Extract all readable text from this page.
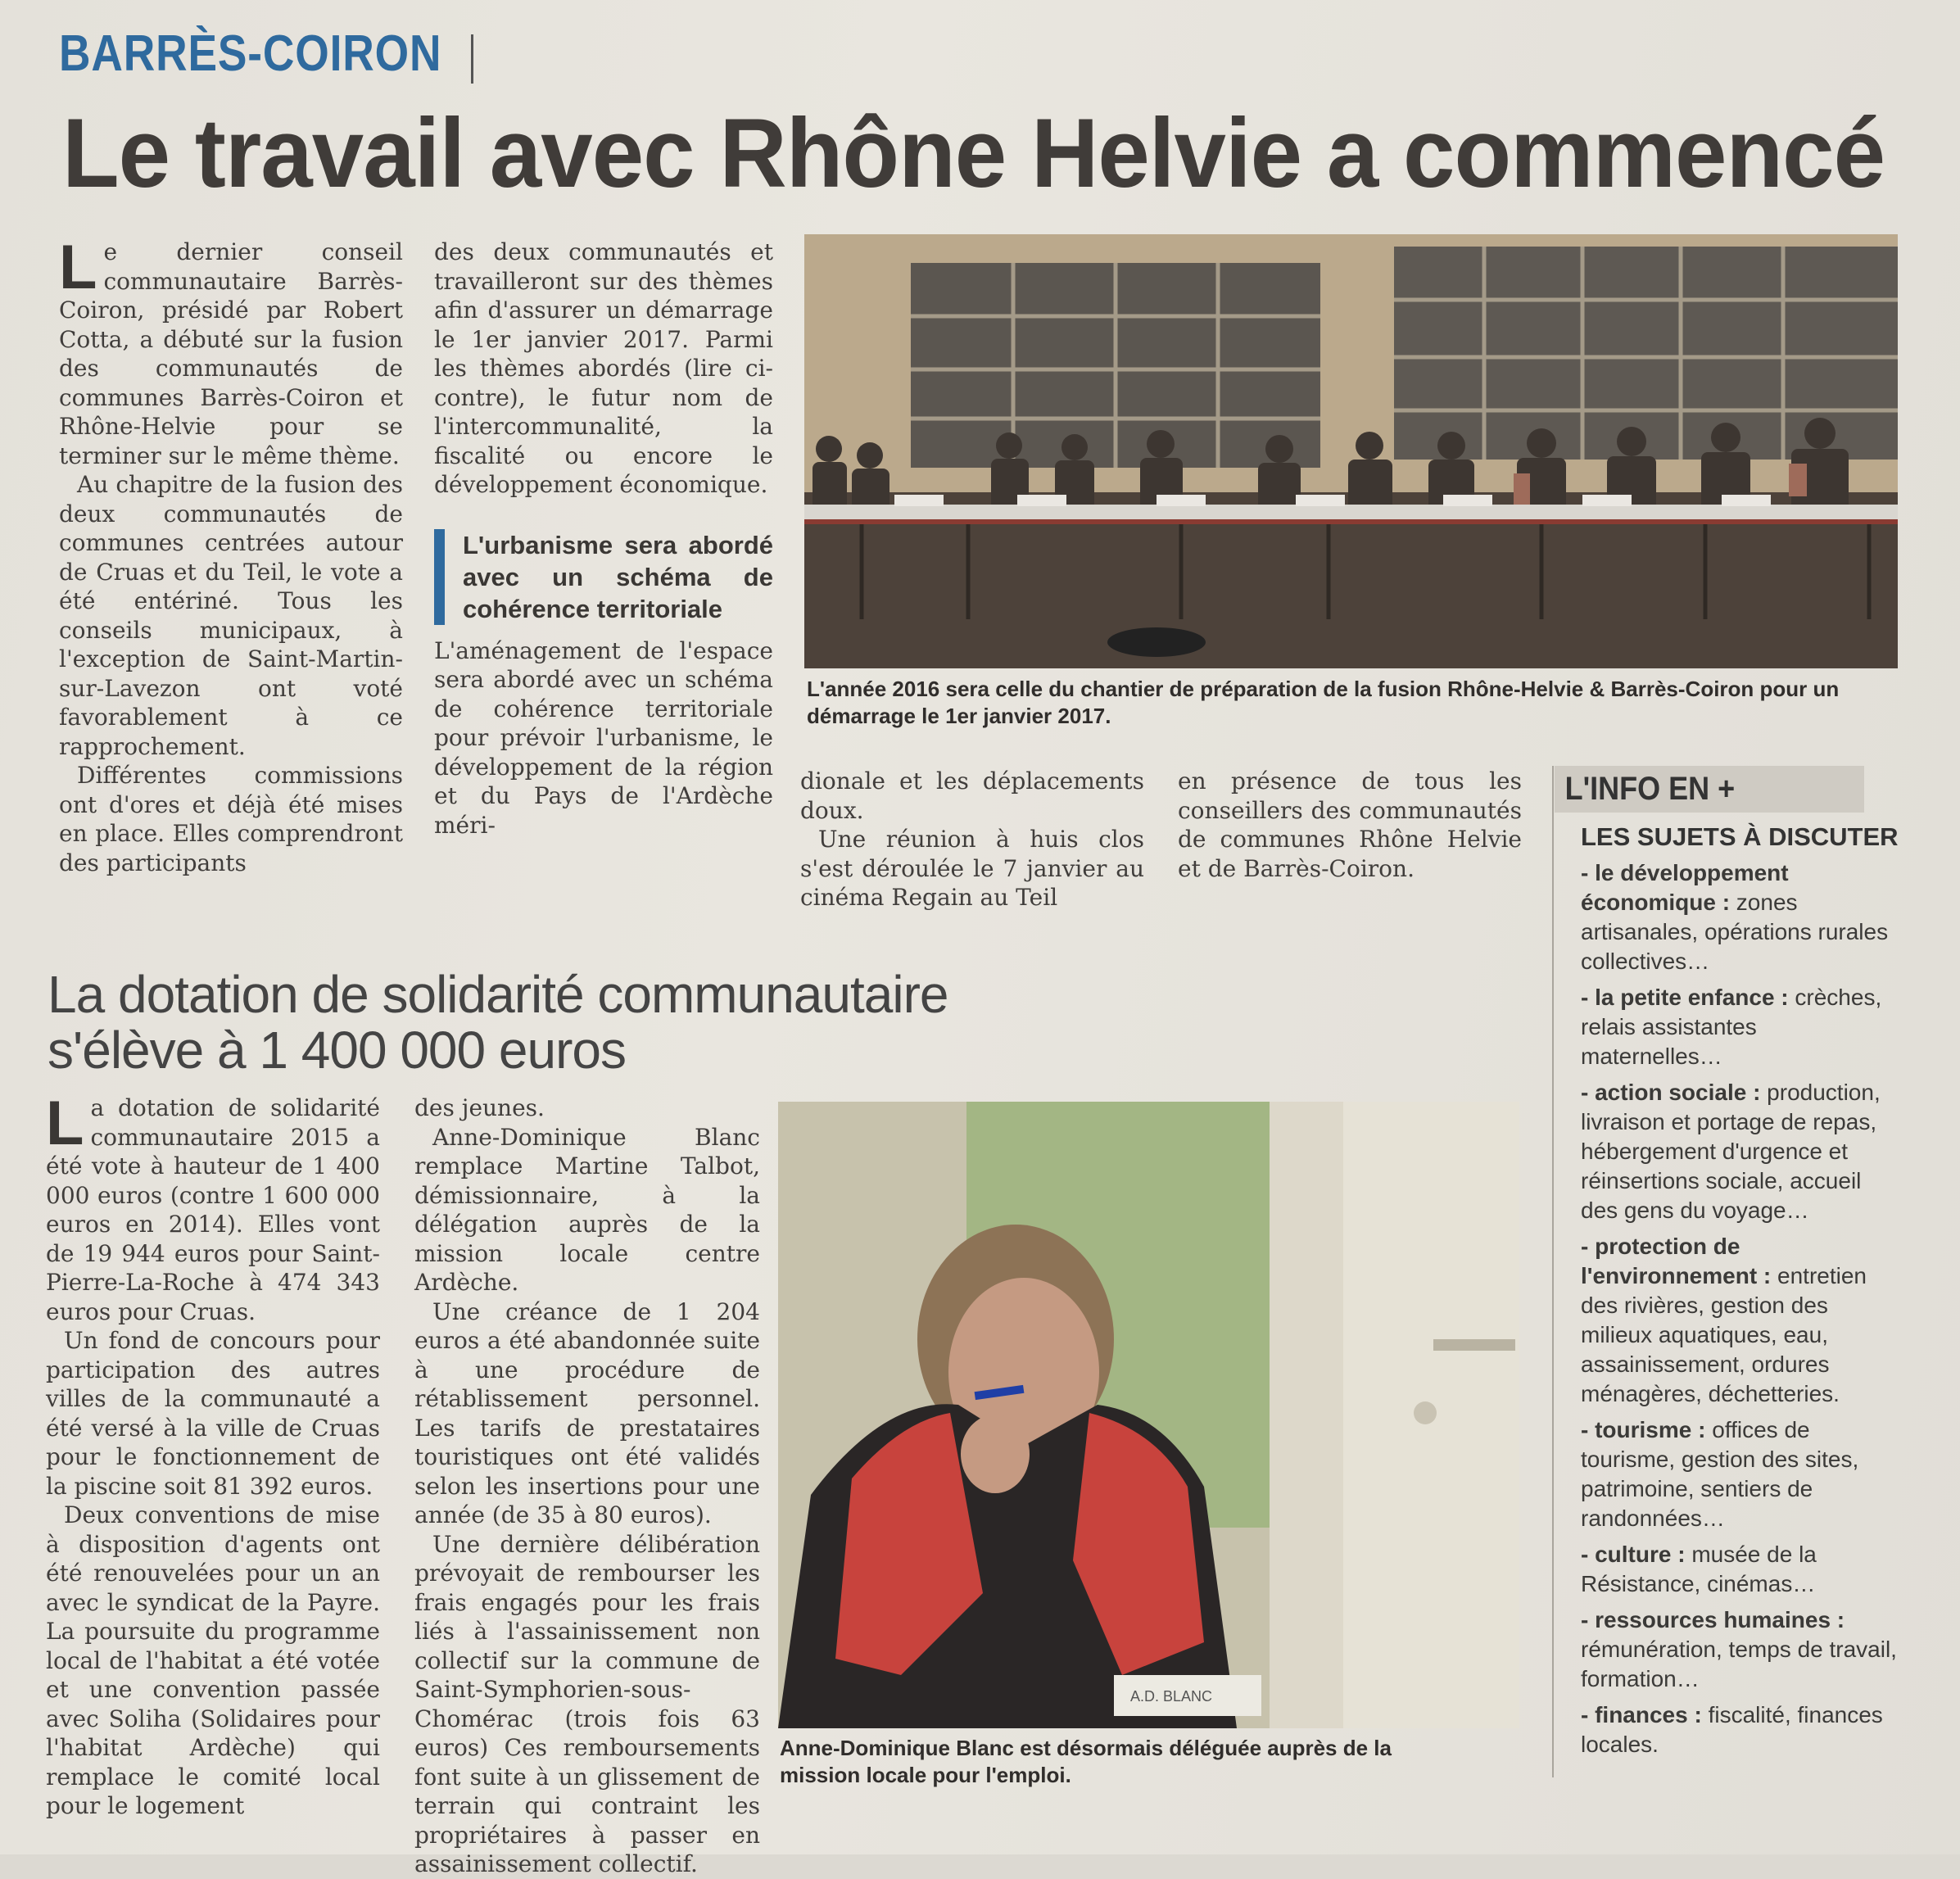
BARRÈS-COIRON
Le travail avec Rhône Helvie a commencé

Le dernier conseil communautaire Barrès-Coiron, présidé par Robert Cotta, a débuté sur la fusion des communautés de communes Barrès-Coiron et Rhône-Helvie pour se terminer sur le même thème.

Au chapitre de la fusion des deux communautés de communes centrées autour de Cruas et du Teil, le vote a été entériné. Tous les conseils municipaux, à l'exception de Saint-Martin-sur-Lavezon ont voté favorablement à ce rapprochement.

Différentes commissions ont d'ores et déjà été mises en place. Elles comprendront des participants

des deux communautés et travailleront sur des thèmes afin d'assurer un démarrage le 1er janvier 2017. Parmi les thèmes abordés (lire ci-contre), le futur nom de l'intercommunalité, la fiscalité ou encore le développement économique.

L'urbanisme sera abordé avec un schéma de cohérence territoriale

L'aménagement de l'espace sera abordé avec un schéma de cohérence territoriale pour prévoir l'urbanisme, le développement de la région et du Pays de l'Ardèche méri-

L'année 2016 sera celle du chantier de préparation de la fusion Rhône-Helvie & Barrès-Coiron pour un démarrage le 1er janvier 2017.

dionale et les déplacements doux.

Une réunion à huis clos s'est déroulée le 7 janvier au cinéma Regain au Teil

en présence de tous les conseillers des communautés de communes Rhône Helvie et de Barrès-Coiron.

L'INFO EN +
LES SUJETS À DISCUTER
- le développement économique : zones artisanales, opérations rurales collectives…
- la petite enfance : crèches, relais assistantes maternelles…
- action sociale : production, livraison et portage de repas, hébergement d'urgence et réinsertions sociale, accueil des gens du voyage…
- protection de l'environnement : entretien des rivières, gestion des milieux aquatiques, eau, assainissement, ordures ménagères, déchetteries.
- tourisme : offices de tourisme, gestion des sites, patrimoine, sentiers de randonnées…
- culture : musée de la Résistance, cinémas…
- ressources humaines : rémunération, temps de travail, formation…
- finances : fiscalité, finances locales.
La dotation de solidarité communautaire s'élève à 1 400 000 euros

La dotation de solidarité communautaire 2015 a été vote à hauteur de 1 400 000 euros (contre 1 600 000 euros en 2014). Elles vont de 19 944 euros pour Saint-Pierre-La-Roche à 474 343 euros pour Cruas.

Un fond de concours pour participation des autres villes de la communauté a été versé à la ville de Cruas pour le fonctionnement de la piscine soit 81 392 euros.

Deux conventions de mise à disposition d'agents ont été renouvelées pour un an avec le syndicat de la Payre. La poursuite du programme local de l'habitat a été votée et une convention passée avec Soliha (Solidaires pour l'habitat Ardèche) qui remplace le comité local pour le logement

des jeunes.

Anne-Dominique Blanc remplace Martine Talbot, démissionnaire, à la délégation auprès de la mission locale centre Ardèche.

Une créance de 1 204 euros a été abandonnée suite à une procédure de rétablissement personnel. Les tarifs de prestataires touristiques ont été validés selon les insertions pour une année (de 35 à 80 euros).

Une dernière délibération prévoyait de rembourser les frais engagés pour les frais liés à l'assainissement non collectif sur la commune de Saint-Symphorien-sous-Chomérac (trois fois 63 euros) Ces remboursements font suite à un glissement de terrain qui contraint les propriétaires à passer en assainissement collectif.

A.D. BLANC
Anne-Dominique Blanc est désormais déléguée auprès de la mission locale pour l'emploi.
